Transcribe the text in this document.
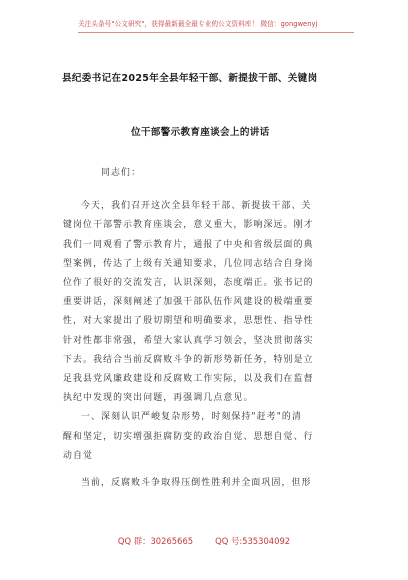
关注头条号"公文研究"，获得最新最全最专业的公文资料库！ 微信：gongwenyj
县纪委书记在2025年全县年轻干部、新提拔干部、关键岗
位干部警示教育座谈会上的讲话

同志们：

今天，我们召开这次全县年轻干部、新提拔干部、关
键岗位干部警示教育座谈会，意义重大，影响深远。刚才
我们一同观看了警示教育片，通报了中央和省级层面的典
型案例，传达了上级有关通知要求，几位同志结合自身岗
位作了很好的交流发言，认识深刻，态度端正。张书记的
重要讲话，深刻阐述了加强干部队伍作风建设的极端重要
性，对大家提出了殷切期望和明确要求，思想性、指导性
针对性都非常强，希望大家认真学习领会，坚决贯彻落实
下去。我结合当前反腐败斗争的新形势新任务，特别是立
足我县党风廉政建设和反腐败工作实际，以及我们在监督
执纪中发现的突出问题，再强调几点意见。

一、深刻认识严峻复杂形势，时刻保持"赶考"的清
醒和坚定，切实增强拒腐防变的政治自觉、思想自觉、行
动自觉

当前，反腐败斗争取得压倒性胜利并全面巩固，但形

QQ 群：30265665	QQ 号:535304092
